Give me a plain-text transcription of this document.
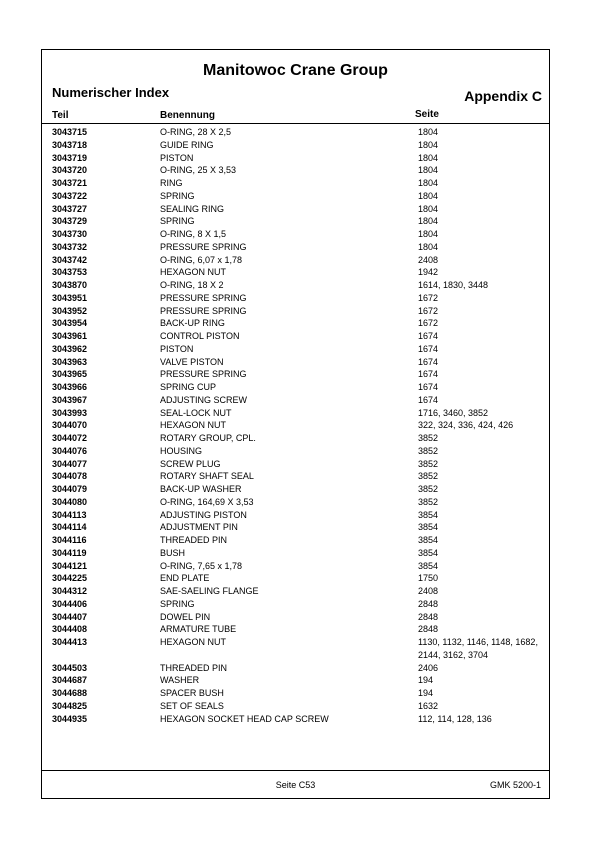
Manitowoc Crane Group
Numerischer Index	Appendix C
Teil	Benennung	Seite
3043715	O-RING, 28 X 2,5	1804
3043718	GUIDE RING	1804
3043719	PISTON	1804
3043720	O-RING, 25 X 3,53	1804
3043721	RING	1804
3043722	SPRING	1804
3043727	SEALING RING	1804
3043729	SPRING	1804
3043730	O-RING, 8 X 1,5	1804
3043732	PRESSURE SPRING	1804
3043742	O-RING, 6,07 x 1,78	2408
3043753	HEXAGON NUT	1942
3043870	O-RING, 18 X 2	1614, 1830, 3448
3043951	PRESSURE SPRING	1672
3043952	PRESSURE SPRING	1672
3043954	BACK-UP RING	1672
3043961	CONTROL PISTON	1674
3043962	PISTON	1674
3043963	VALVE PISTON	1674
3043965	PRESSURE SPRING	1674
3043966	SPRING CUP	1674
3043967	ADJUSTING SCREW	1674
3043993	SEAL-LOCK NUT	1716, 3460, 3852
3044070	HEXAGON NUT	322, 324, 336, 424, 426
3044072	ROTARY GROUP, CPL.	3852
3044076	HOUSING	3852
3044077	SCREW PLUG	3852
3044078	ROTARY SHAFT SEAL	3852
3044079	BACK-UP WASHER	3852
3044080	O-RING, 164,69 X 3,53	3852
3044113	ADJUSTING PISTON	3854
3044114	ADJUSTMENT PIN	3854
3044116	THREADED PIN	3854
3044119	BUSH	3854
3044121	O-RING, 7,65 x 1,78	3854
3044225	END PLATE	1750
3044312	SAE-SAELING FLANGE	2408
3044406	SPRING	2848
3044407	DOWEL PIN	2848
3044408	ARMATURE TUBE	2848
3044413	HEXAGON NUT	1130, 1132, 1146, 1148, 1682, 2144, 3162, 3704
3044503	THREADED PIN	2406
3044687	WASHER	194
3044688	SPACER BUSH	194
3044825	SET OF SEALS	1632
3044935	HEXAGON SOCKET HEAD CAP SCREW	112, 114, 128, 136
Seite C53	GMK 5200-1
